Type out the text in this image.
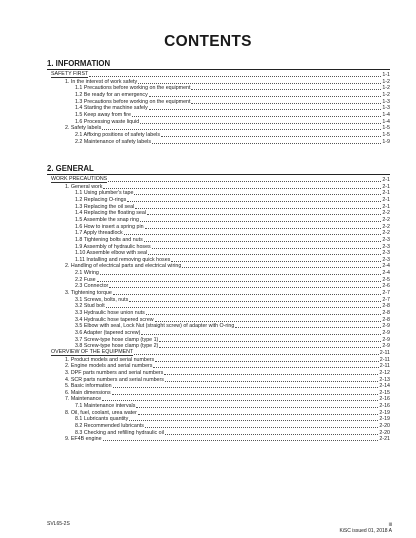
CONTENTS
1. INFORMATION
SAFETY FIRST	1-1
1. In the interest of work safety	1-2
1.1 Precautions before working on the equipment	1-2
1.2 Be ready for an emergency	1-2
1.3 Precautions before working on the equipment	1-3
1.4 Starting the machine safely	1-3
1.5 Keep away from fire	1-4
1.6 Processing waste liquid	1-4
2. Safety labels	1-5
2.1 Affixing positions of safety labels	1-5
2.2 Maintenance of safety labels	1-9
2. GENERAL
WORK PRECAUTIONS	2-1
1. General work	2-1
1.1 Using plumber's tape	2-1
1.2 Replacing O-rings	2-1
1.3 Replacing the oil seal	2-1
1.4 Replacing the floating seal	2-2
1.5 Assemble the snap ring	2-2
1.6 How to insert a spring pin	2-2
1.7 Apply threadlock	2-2
1.8 Tightening bolts and nuts	2-3
1.9 Assembly of hydraulic hoses	2-3
1.10 Assemble elbow with seal	2-3
1.11 Installing and removing quick hoses	2-3
2. Handling of electrical parts and electrical wiring	2-4
2.1 Wiring	2-4
2.2 Fuse	2-5
2.3 Connector	2-6
3. Tightening torque	2-7
3.1 Screws, bolts, nuts	2-7
3.2 Stud bolt	2-8
3.3 Hydraulic hose union nuts	2-8
3.4 Hydraulic hose tapered screw	2-8
3.5 Elbow with seal, Lock Nut (straight screw) of adapter with O-ring	2-9
3.6 Adapter (tapered screw)	2-9
3.7 Screw-type hose clamp (type 1)	2-9
3.8 Screw-type hose clamp (type 2)	2-9
OVERVIEW OF THE EQUIPMENT	2-11
1. Product models and serial numbers	2-11
2. Engine models and serial numbers	2-11
3. DPF parts numbers and serial numbers	2-12
4. SCR parts numbers and serial numbers	2-13
5. Basic information	2-14
6. Main dimensions	2-15
7. Maintenance	2-16
7.1 Maintenance intervals	2-16
8. Oil, fuel, coolant, urea water	2-19
8.1 Lubricants quantity	2-19
8.2 Recommended lubricants	2-20
8.3 Checking and refilling hydraulic oil	2-20
9. EF4B engine	2-21
SVL65-2S	iii
KiSC issued 01, 2018 A
